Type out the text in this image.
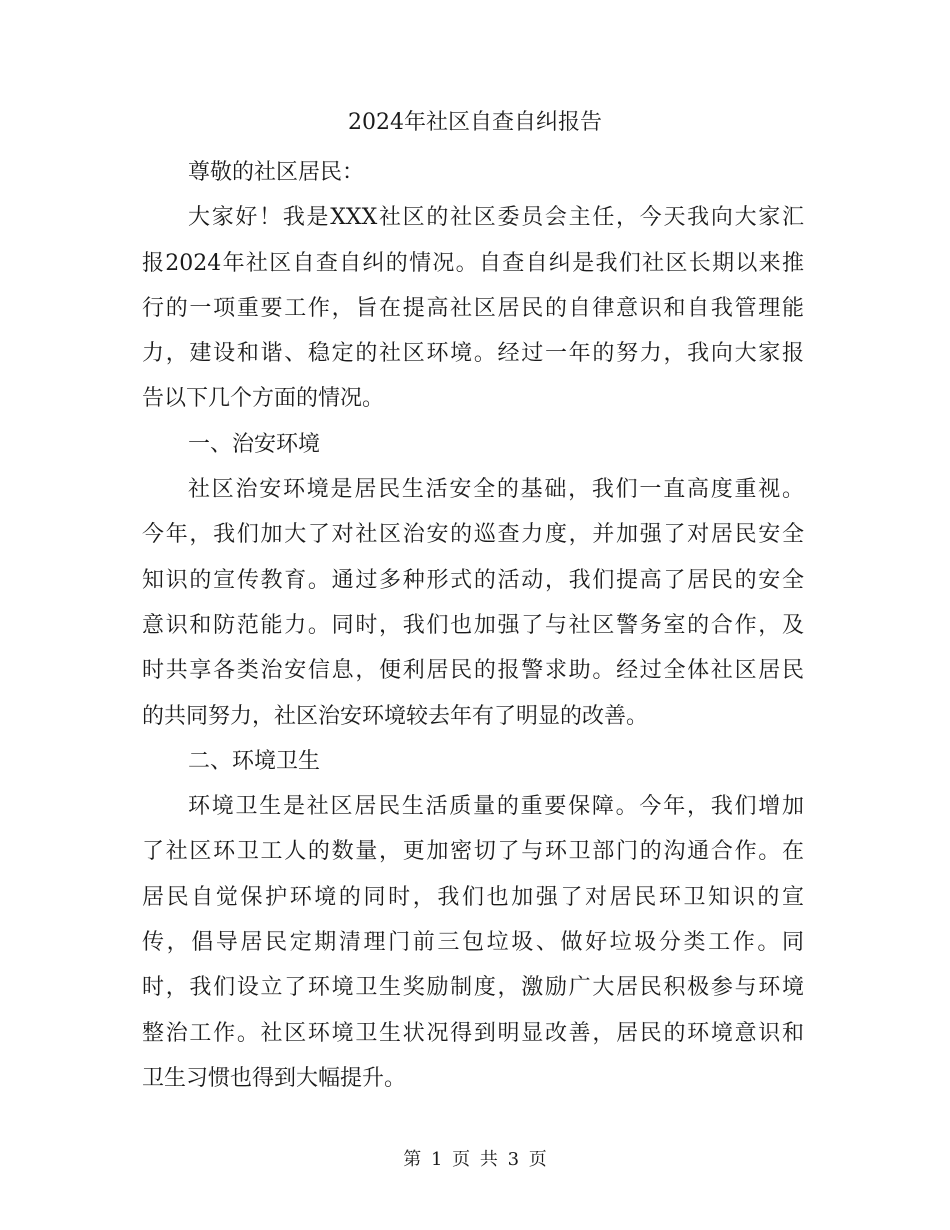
2024年社区自查自纠报告
尊敬的社区居民：
大家好！我是XXX社区的社区委员会主任，今天我向大家汇
报2024年社区自查自纠的情况。自查自纠是我们社区长期以来推
行的一项重要工作，旨在提高社区居民的自律意识和自我管理能
力，建设和谐、稳定的社区环境。经过一年的努力，我向大家报
告以下几个方面的情况。
一、治安环境
社区治安环境是居民生活安全的基础，我们一直高度重视。
今年，我们加大了对社区治安的巡查力度，并加强了对居民安全
知识的宣传教育。通过多种形式的活动，我们提高了居民的安全
意识和防范能力。同时，我们也加强了与社区警务室的合作，及
时共享各类治安信息，便利居民的报警求助。经过全体社区居民
的共同努力，社区治安环境较去年有了明显的改善。
二、环境卫生
环境卫生是社区居民生活质量的重要保障。今年，我们增加
了社区环卫工人的数量，更加密切了与环卫部门的沟通合作。在
居民自觉保护环境的同时，我们也加强了对居民环卫知识的宣
传，倡导居民定期清理门前三包垃圾、做好垃圾分类工作。同
时，我们设立了环境卫生奖励制度，激励广大居民积极参与环境
整治工作。社区环境卫生状况得到明显改善，居民的环境意识和
卫生习惯也得到大幅提升。
第 1 页 共 3 页
